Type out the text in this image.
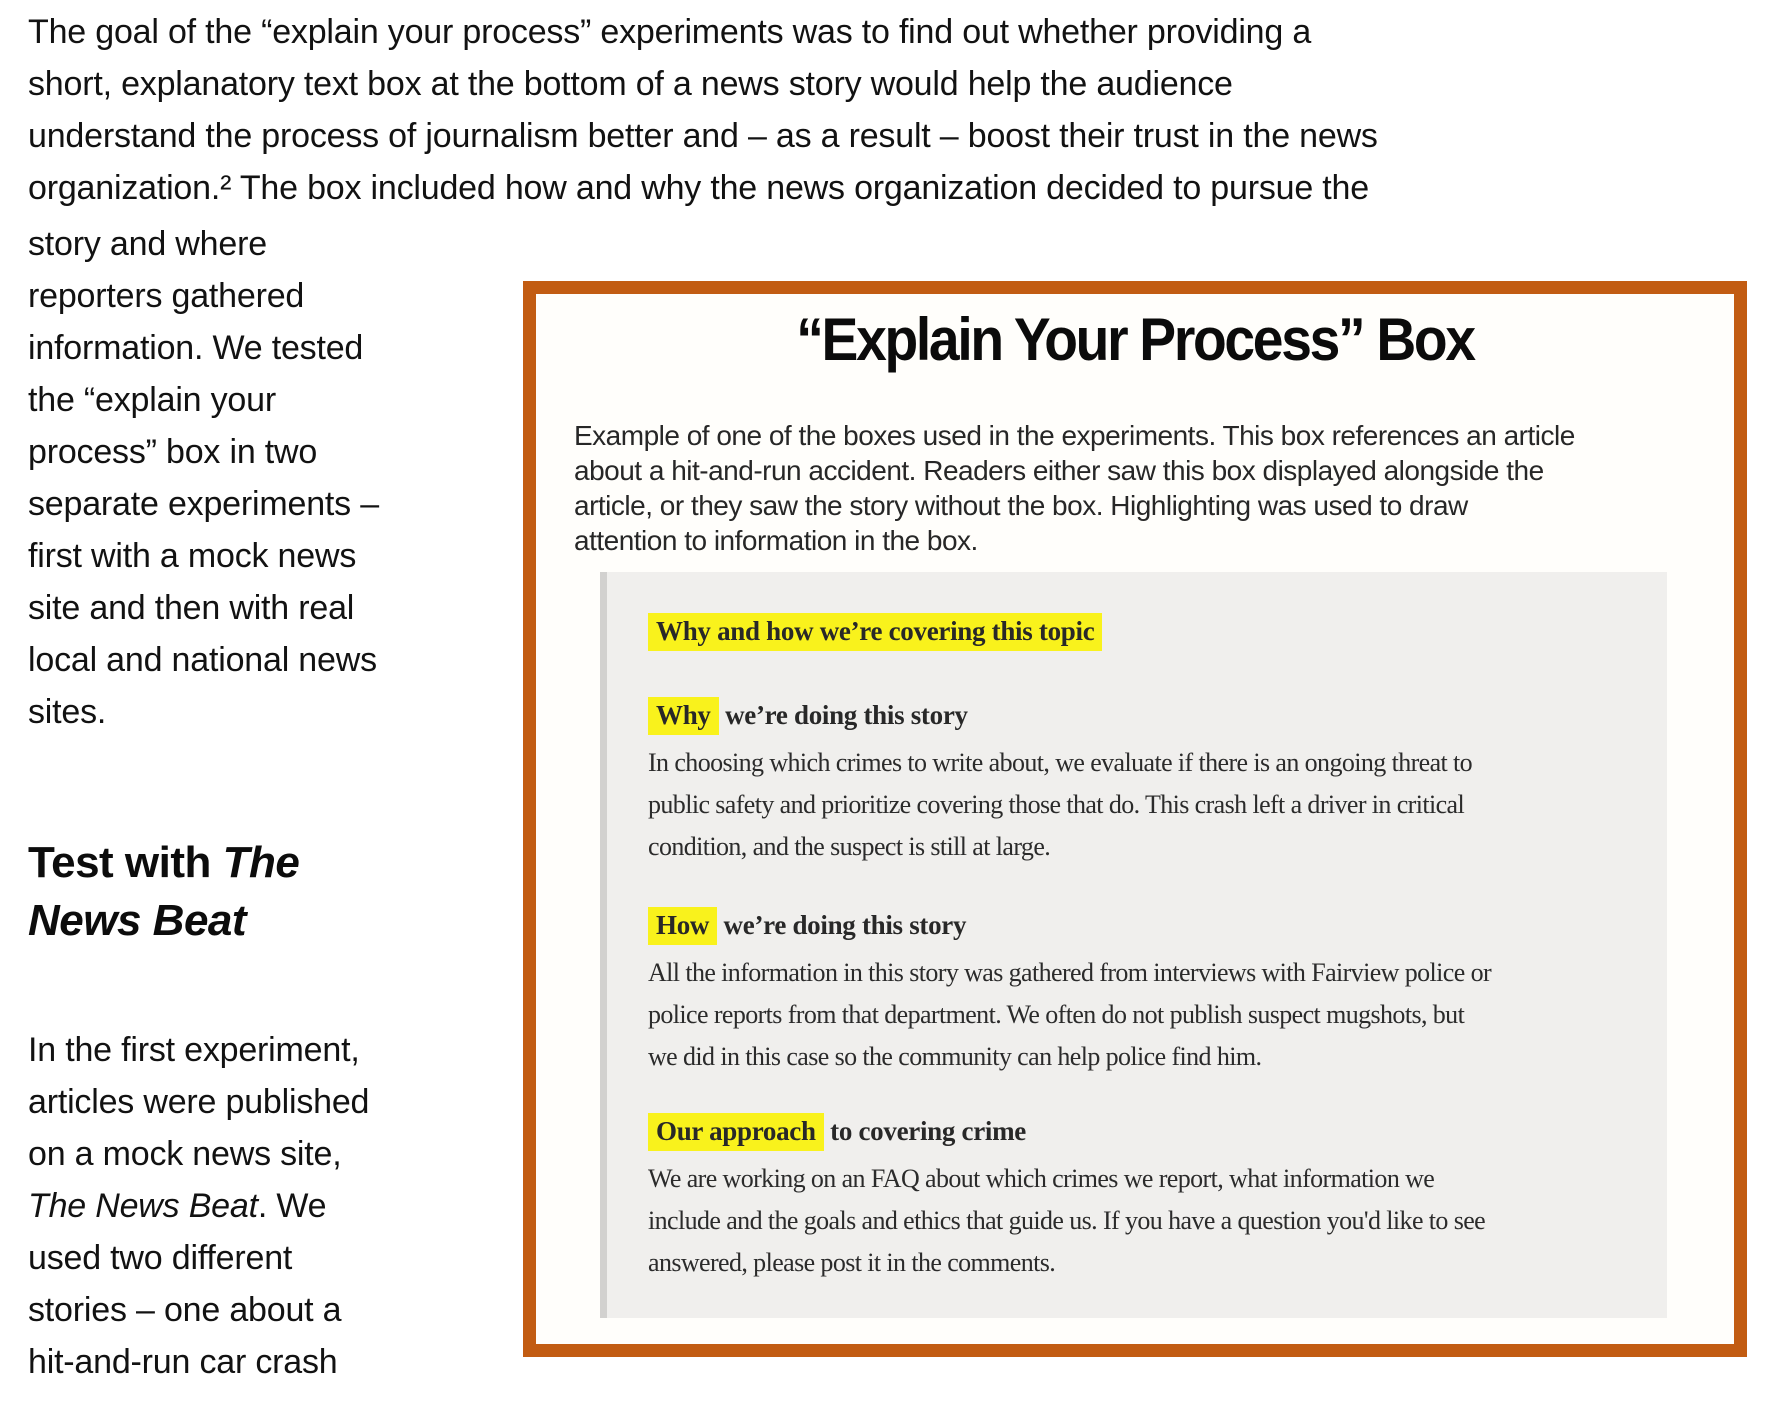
The goal of the “explain your process” experiments was to find out whether providing a
short, explanatory text box at the bottom of a news story would help the audience
understand the process of journalism better and – as a result – boost their trust in the news
organization.² The box included how and why the news organization decided to pursue the
story and where
reporters gathered
information. We tested
the “explain your
process” box in two
separate experiments –
first with a mock news
site and then with real
local and national news
sites.
Test with The
News Beat
In the first experiment,
articles were published
on a mock news site,
The News Beat. We
used two different
stories – one about a
hit-and-run car crash
“Explain Your Process” Box
Example of one of the boxes used in the experiments. This box references an article
about a hit-and-run accident. Readers either saw this box displayed alongside the
article, or they saw the story without the box. Highlighting was used to draw
attention to information in the box.
Why and how we’re covering this topic
Why we’re doing this story
In choosing which crimes to write about, we evaluate if there is an ongoing threat to
public safety and prioritize covering those that do. This crash left a driver in critical
condition, and the suspect is still at large.
How we’re doing this story
All the information in this story was gathered from interviews with Fairview police or
police reports from that department. We often do not publish suspect mugshots, but
we did in this case so the community can help police find him.
Our approach to covering crime
We are working on an FAQ about which crimes we report, what information we
include and the goals and ethics that guide us. If you have a question you'd like to see
answered, please post it in the comments.
